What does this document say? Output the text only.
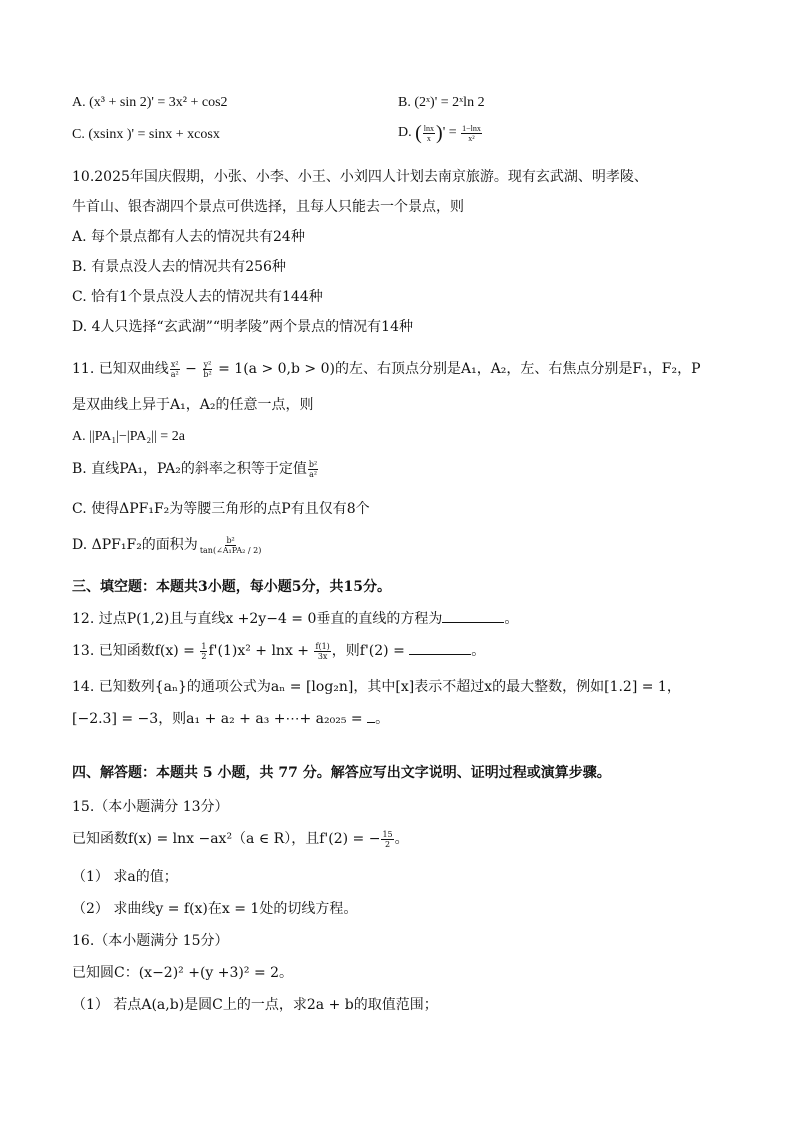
A. (x³ + sin 2)' = 3x² + cos2	B. (2ˣ)' = 2ˣln 2
C. (xsinx )' = sinx + xcosx	D. ( $\frac{\ln x}{x}$ )' = $\frac{1-\ln x}{\text{x²}}$
10.2025年国庆假期，小张、小李、小王、小刘四人计划去南京旅游。现有玄武湖、明孝陵、
牛首山、银杏湖四个景点可供选择，且每人只能去一个景点，则
A. 每个景点都有人去的情况共有24种
B. 有景点没人去的情况共有256种
C. 恰有1个景点没人去的情况共有144种
D. 4人只选择“玄武湖”“明孝陵”两个景点的情况有14种
11. 已知双曲线 $\frac{\text{x²}}{\text{a²}} - \frac{\text{y²}}{\text{b²}} = 1(a > 0,b > 0)$的左、右顶点分别是A₁，A₂，左、右焦点分别是F₁，F₂，P
是双曲线上异于A₁，A₂的任意一点，则
A. ||PA₁|−|PA₂|| = 2a
B. 直线PA₁，PA₂的斜率之积等于定值 $\frac{\text{b²}}{\text{a²}}$
C. 使得ΔPF₁F₂为等腰三角形的点P有且仅有8个
D. ΔPF₁F₂的面积为 $\frac{\text{b²}}{\text{tan(∠A₁PA₂ / 2)}}$
三、填空题：本题共3小题，每小题5分，共15分。
12. 过点P(1,2)且与直线x +2y−4 = 0垂直的直线的方程为	。
13. 已知函数$f(x) = \frac{1}{2} f'(1)x^2 + \ln x + \frac{f(1)}{3x}$ ，则f'(2) =	。
14. 已知数列{aₙ}的通项公式为aₙ = [log₂n]，其中[x]表示不超过x的最大整数，例如[1.2] = 1，
[−2.3] = −3，则a₁ + a₂ + a₃ +⋯+ a₂₀₂₅ = 。
四、解答题：本题共 5 小题，共 77 分。解答应写出文字说明、证明过程或演算步骤。
15.（本小题满分 13分）
已知函数f(x) = lnx −ax²（a ∈ R），且f'(2) = − $\frac{15}{2}$ 。
（1） 求a的值；
（2） 求曲线y = f(x)在x = 1处的切线方程。
16.（本小题满分 15分）
已知圆C：(x−2)² +(y +3)² = 2。
（1） 若点A(a,b)是圆C上的一点，求2a + b的取值范围；
